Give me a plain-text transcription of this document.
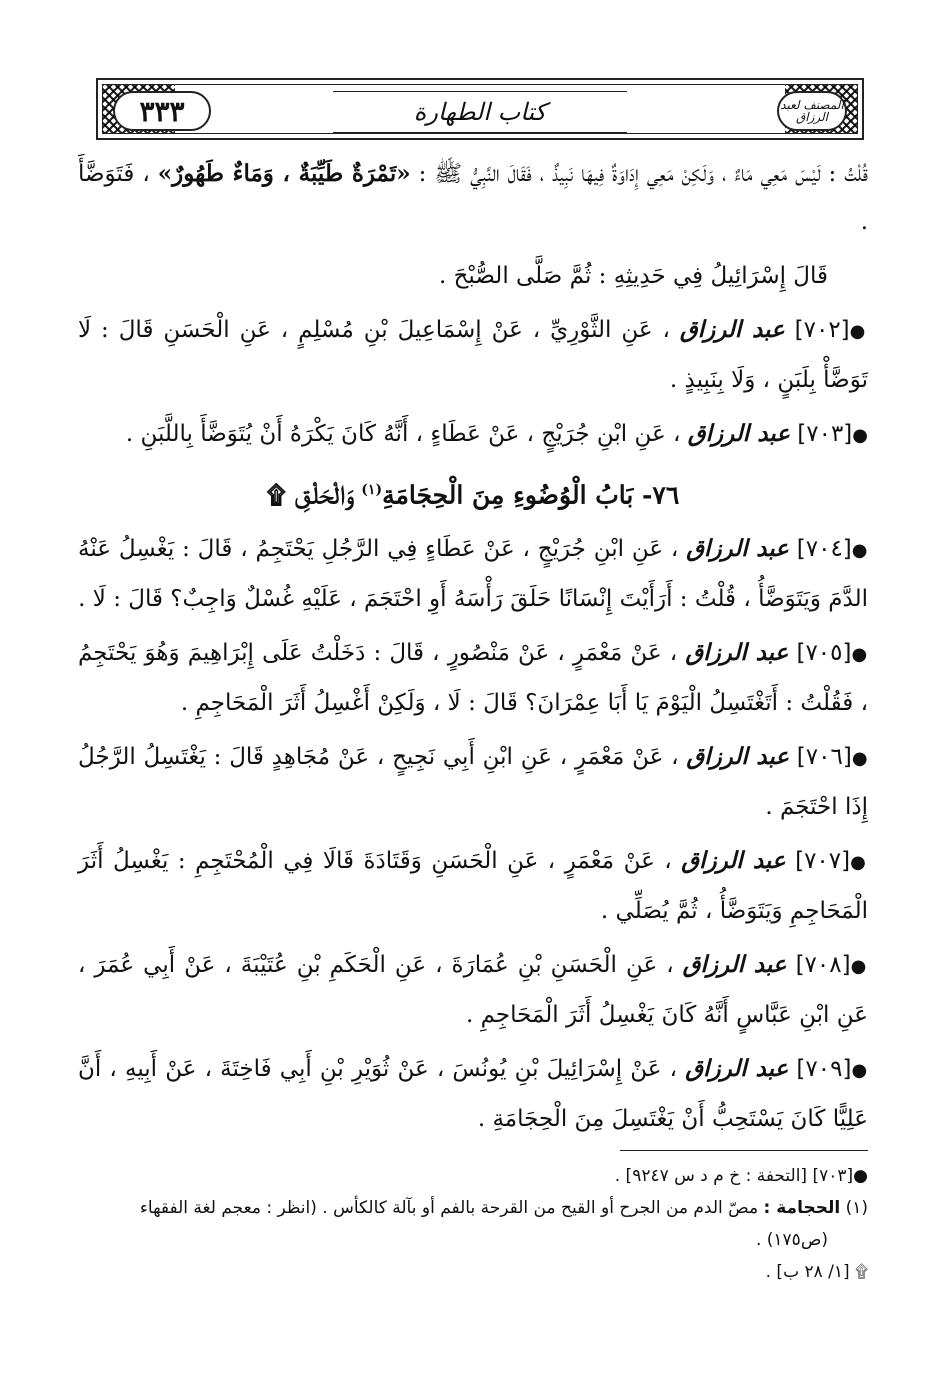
٣٣٣	كتاب الطهارة	المصنف لعبد الرزاق

قُلْتُ : لَيْسَ مَعِي مَاءٌ ، وَلَكِنْ مَعِي إِدَاوَةٌ فِيهَا نَبِيذٌ ، فَقَالَ النَّبِيُّ ﷺ : «تَمْرَةٌ طَيِّبَةٌ ، وَمَاءٌ طَهُورٌ» ، فَتَوَضَّأَ .

قَالَ إِسْرَائِيلُ فِي حَدِيثِهِ : ثُمَّ صَلَّى الصُّبْحَ .

●[٧٠٢] عبد الرزاق ، عَنِ الثَّوْرِيِّ ، عَنْ إِسْمَاعِيلَ بْنِ مُسْلِمٍ ، عَنِ الْحَسَنِ قَالَ : لَا تَوَضَّأْ بِلَبَنٍ ، وَلَا بِنَبِيذٍ .

●[٧٠٣] عبد الرزاق ، عَنِ ابْنِ جُرَيْجٍ ، عَنْ عَطَاءٍ ، أَنَّهُ كَانَ يَكْرَهُ أَنْ يُتَوَضَّأَ بِاللَّبَنِ .

٧٦- بَابُ الْوُضُوءِ مِنَ الْحِجَامَةِ$^{(١)}$ وَالْحَلْقِ ۩

●[٧٠٤] عبد الرزاق ، عَنِ ابْنِ جُرَيْجٍ ، عَنْ عَطَاءٍ فِي الرَّجُلِ يَحْتَجِمُ ، قَالَ : يَغْسِلُ عَنْهُ الدَّمَ وَيَتَوَضَّأُ ، قُلْتُ : أَرَأَيْتَ إِنْسَانًا حَلَقَ رَأْسَهُ أَوِ احْتَجَمَ ، عَلَيْهِ غُسْلٌ وَاجِبٌ؟ قَالَ : لَا .

●[٧٠٥] عبد الرزاق ، عَنْ مَعْمَرٍ ، عَنْ مَنْصُورٍ ، قَالَ : دَخَلْتُ عَلَى إِبْرَاهِيمَ وَهُوَ يَحْتَجِمُ ، فَقُلْتُ : أَتَغْتَسِلُ الْيَوْمَ يَا أَبَا عِمْرَانَ؟ قَالَ : لَا ، وَلَكِنْ أَغْسِلُ أَثَرَ الْمَحَاجِمِ .

●[٧٠٦] عبد الرزاق ، عَنْ مَعْمَرٍ ، عَنِ ابْنِ أَبِي نَجِيحٍ ، عَنْ مُجَاهِدٍ قَالَ : يَغْتَسِلُ الرَّجُلُ إِذَا احْتَجَمَ .

●[٧٠٧] عبد الرزاق ، عَنْ مَعْمَرٍ ، عَنِ الْحَسَنِ وَقَتَادَةَ قَالَا فِي الْمُحْتَجِمِ : يَغْسِلُ أَثَرَ الْمَحَاجِمِ وَيَتَوَضَّأُ ، ثُمَّ يُصَلِّي .

●[٧٠٨] عبد الرزاق ، عَنِ الْحَسَنِ بْنِ عُمَارَةَ ، عَنِ الْحَكَمِ بْنِ عُتَيْبَةَ ، عَنْ أَبِي عُمَرَ ، عَنِ ابْنِ عَبَّاسٍ أَنَّهُ كَانَ يَغْسِلُ أَثَرَ الْمَحَاجِمِ .

●[٧٠٩] عبد الرزاق ، عَنْ إِسْرَائِيلَ بْنِ يُونُسَ ، عَنْ ثُوَيْرِ بْنِ أَبِي فَاخِتَةَ ، عَنْ أَبِيهِ ، أَنَّ عَلِيًّا كَانَ يَسْتَحِبُّ أَنْ يَغْتَسِلَ مِنَ الْحِجَامَةِ .

●[٧٠٣] [التحفة : خ م د س ٩٢٤٧] .

(١) الحجامة : مصّ الدم من الجرح أو القيح من القرحة بالفم أو بآلة كالكأس . (انظر : معجم لغة الفقهاء

(ص١٧٥) .

۩ [١/ ٢٨ ب] .
